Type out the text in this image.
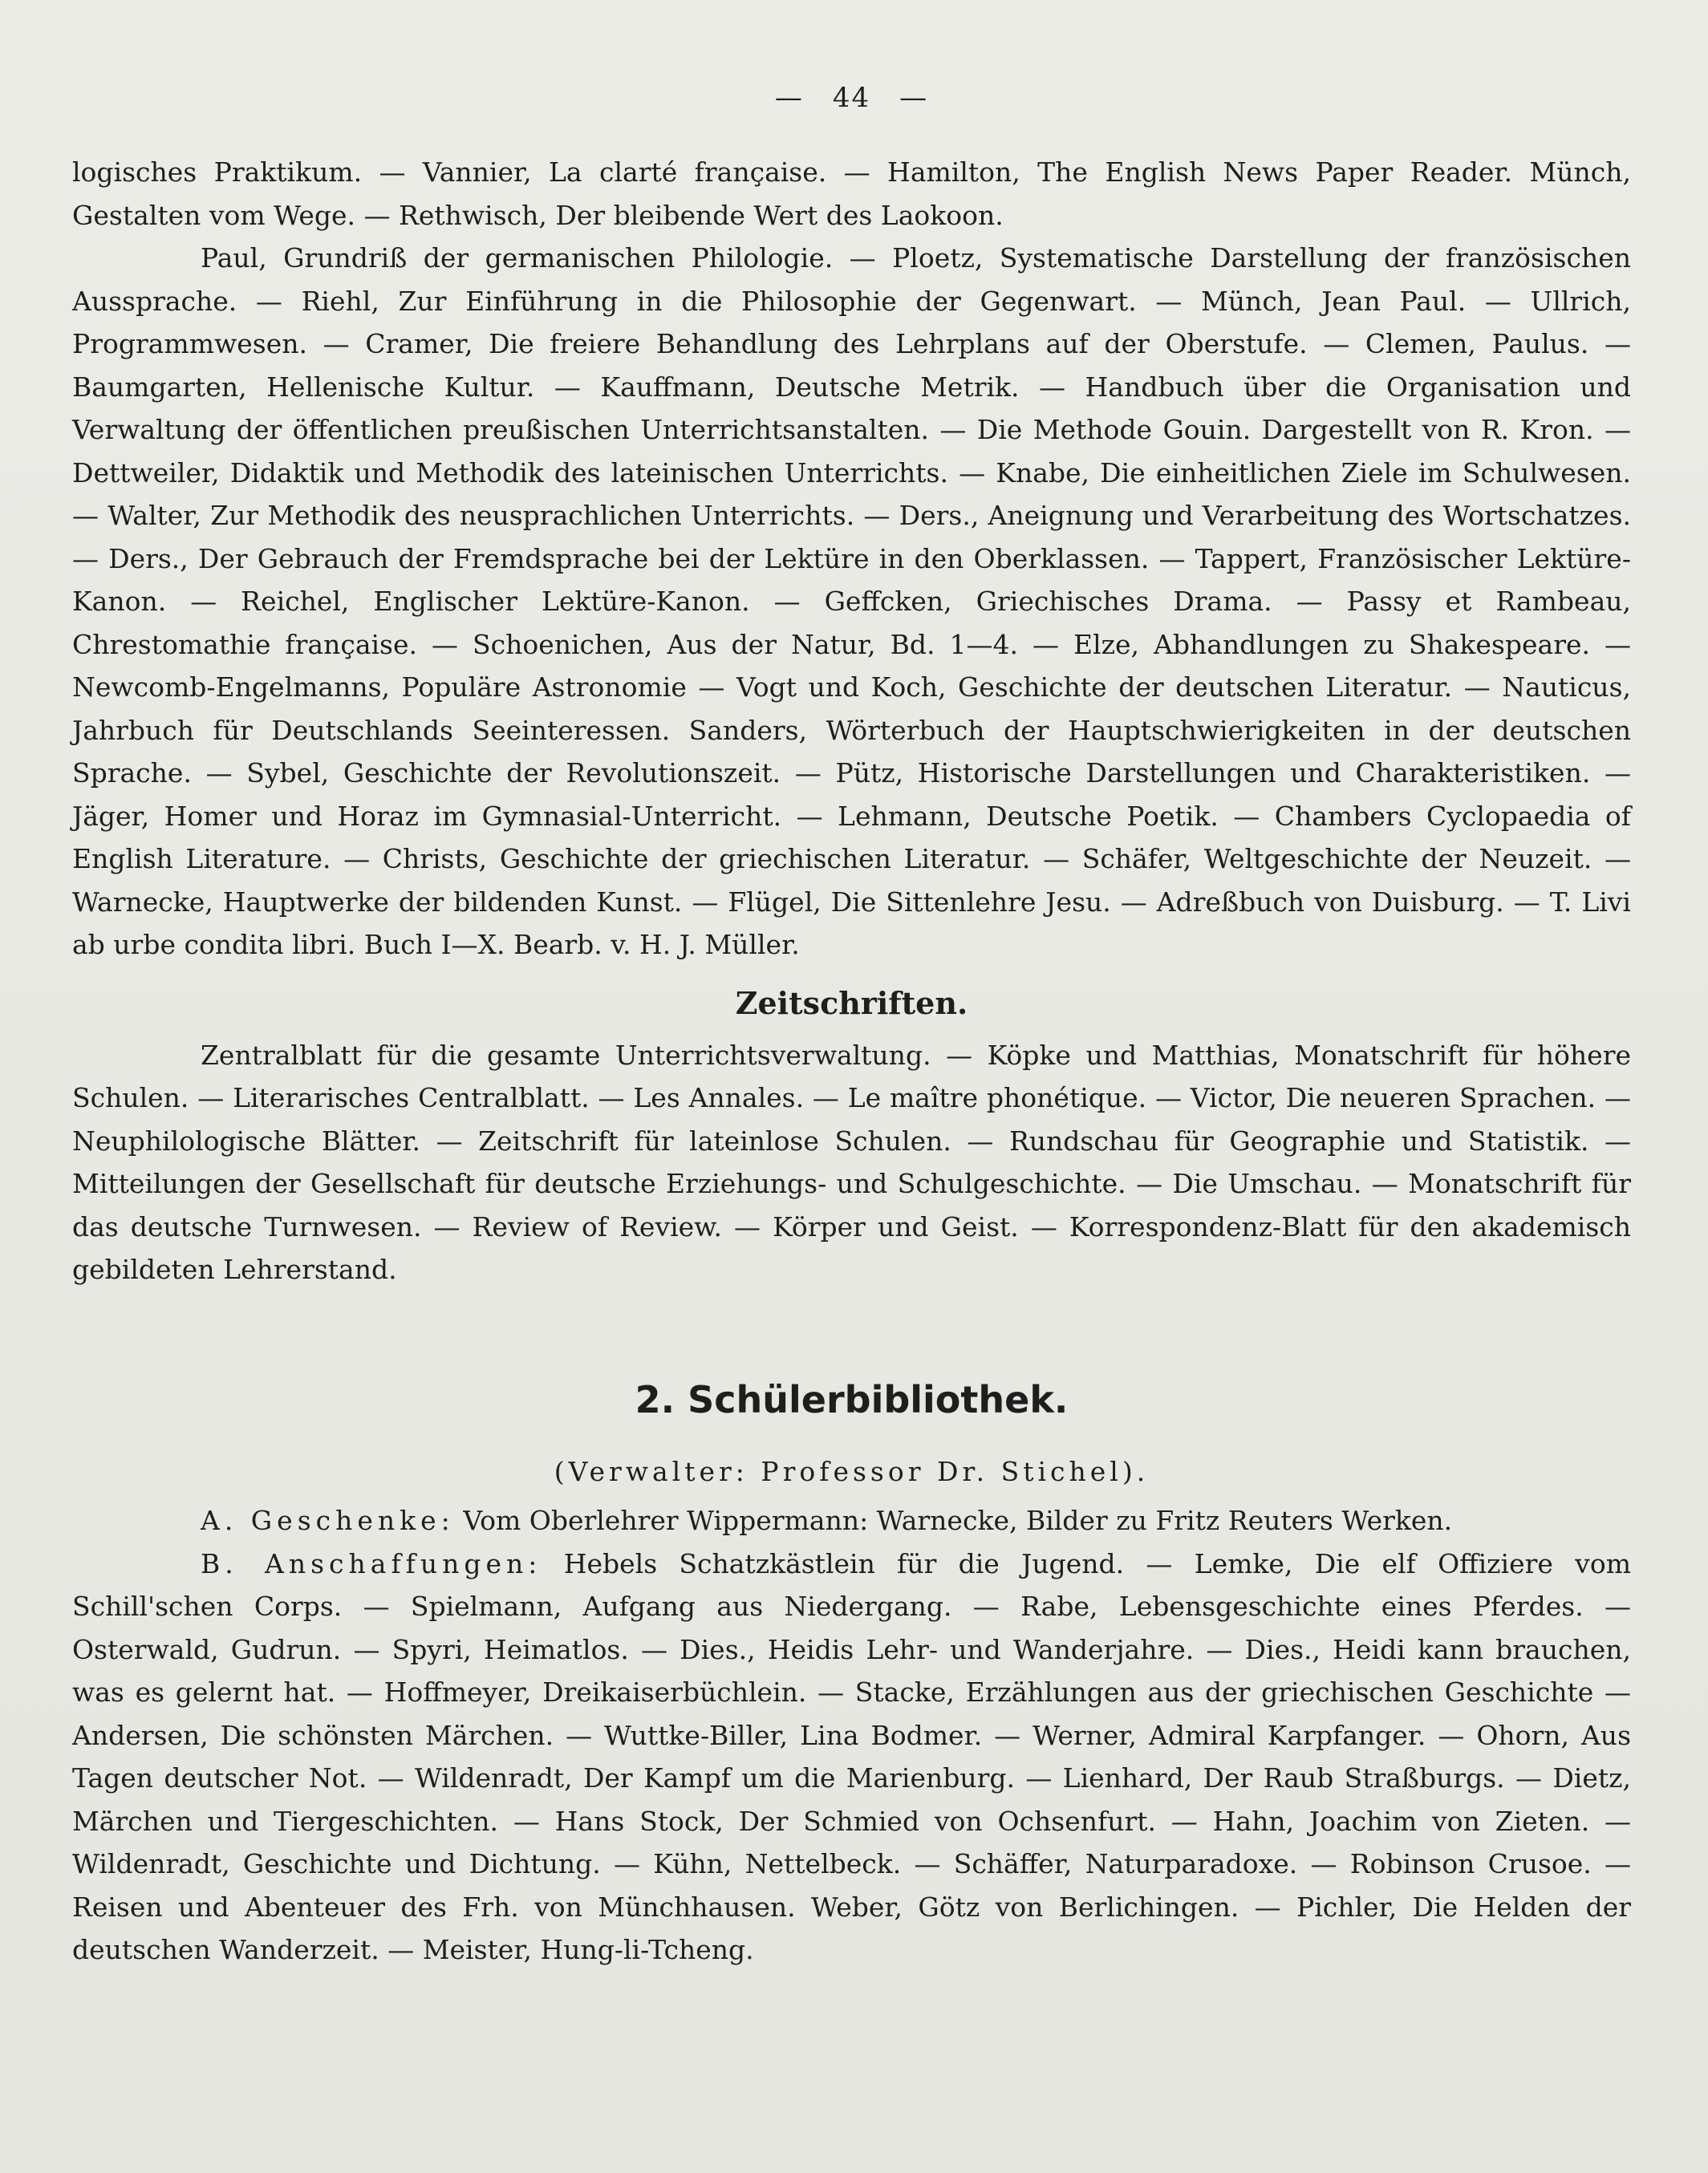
— 44 —

logisches Praktikum. — Vannier, La clarté française. — Hamilton, The English News Paper Reader. Münch, Gestalten vom Wege. — Rethwisch, Der bleibende Wert des Laokoon.

Paul, Grundriß der germanischen Philologie. — Ploetz, Systematische Darstellung der französischen Aussprache. — Riehl, Zur Einführung in die Philosophie der Gegenwart. — Münch, Jean Paul. — Ullrich, Programmwesen. — Cramer, Die freiere Behandlung des Lehrplans auf der Oberstufe. — Clemen, Paulus. — Baumgarten, Hellenische Kultur. — Kauffmann, Deutsche Metrik. — Handbuch über die Organisation und Verwaltung der öffentlichen preußischen Unterrichtsanstalten. — Die Methode Gouin. Dargestellt von R. Kron. — Dettweiler, Didaktik und Methodik des lateinischen Unterrichts. — Knabe, Die einheitlichen Ziele im Schulwesen. — Walter, Zur Methodik des neusprachlichen Unterrichts. — Ders., Aneignung und Verarbeitung des Wortschatzes. — Ders., Der Gebrauch der Fremdsprache bei der Lektüre in den Oberklassen. — Tappert, Französischer Lektüre-Kanon. — Reichel, Englischer Lektüre-Kanon. — Geffcken, Griechisches Drama. — Passy et Rambeau, Chrestomathie française. — Schoenichen, Aus der Natur, Bd. 1—4. — Elze, Abhandlungen zu Shakespeare. — Newcomb-Engelmanns, Populäre Astronomie — Vogt und Koch, Geschichte der deutschen Literatur. — Nauticus, Jahrbuch für Deutschlands Seeinteressen. Sanders, Wörterbuch der Hauptschwierigkeiten in der deutschen Sprache. — Sybel, Geschichte der Revolutionszeit. — Pütz, Historische Darstellungen und Charakteristiken. — Jäger, Homer und Horaz im Gymnasial-Unterricht. — Lehmann, Deutsche Poetik. — Chambers Cyclopaedia of English Literature. — Christs, Geschichte der griechischen Literatur. — Schäfer, Weltgeschichte der Neuzeit. — Warnecke, Hauptwerke der bildenden Kunst. — Flügel, Die Sittenlehre Jesu. — Adreßbuch von Duisburg. — T. Livi ab urbe condita libri. Buch I—X. Bearb. v. H. J. Müller.

Zeitschriften.

Zentralblatt für die gesamte Unterrichtsverwaltung. — Köpke und Matthias, Monatschrift für höhere Schulen. — Literarisches Centralblatt. — Les Annales. — Le maître phonétique. — Victor, Die neueren Sprachen. — Neuphilologische Blätter. — Zeitschrift für lateinlose Schulen. — Rundschau für Geographie und Statistik. — Mitteilungen der Gesellschaft für deutsche Erziehungs- und Schulgeschichte. — Die Umschau. — Monatschrift für das deutsche Turnwesen. — Review of Review. — Körper und Geist. — Korrespondenz-Blatt für den akademisch gebildeten Lehrerstand.

2. Schülerbibliothek.

(Verwalter: Professor Dr. Stichel).

A. Geschenke: Vom Oberlehrer Wippermann: Warnecke, Bilder zu Fritz Reuters Werken.

B. Anschaffungen: Hebels Schatzkästlein für die Jugend. — Lemke, Die elf Offiziere vom Schill'schen Corps. — Spielmann, Aufgang aus Niedergang. — Rabe, Lebensgeschichte eines Pferdes. — Osterwald, Gudrun. — Spyri, Heimatlos. — Dies., Heidis Lehr- und Wanderjahre. — Dies., Heidi kann brauchen, was es gelernt hat. — Hoffmeyer, Dreikaiserbüchlein. — Stacke, Erzählungen aus der griechischen Geschichte — Andersen, Die schönsten Märchen. — Wuttke-Biller, Lina Bodmer. — Werner, Admiral Karpfanger. — Ohorn, Aus Tagen deutscher Not. — Wildenradt, Der Kampf um die Marienburg. — Lienhard, Der Raub Straßburgs. — Dietz, Märchen und Tiergeschichten. — Hans Stock, Der Schmied von Ochsenfurt. — Hahn, Joachim von Zieten. — Wildenradt, Geschichte und Dichtung. — Kühn, Nettelbeck. — Schäffer, Naturparadoxe. — Robinson Crusoe. — Reisen und Abenteuer des Frh. von Münchhausen. Weber, Götz von Berlichingen. — Pichler, Die Helden der deutschen Wanderzeit. — Meister, Hung-li-Tcheng.
